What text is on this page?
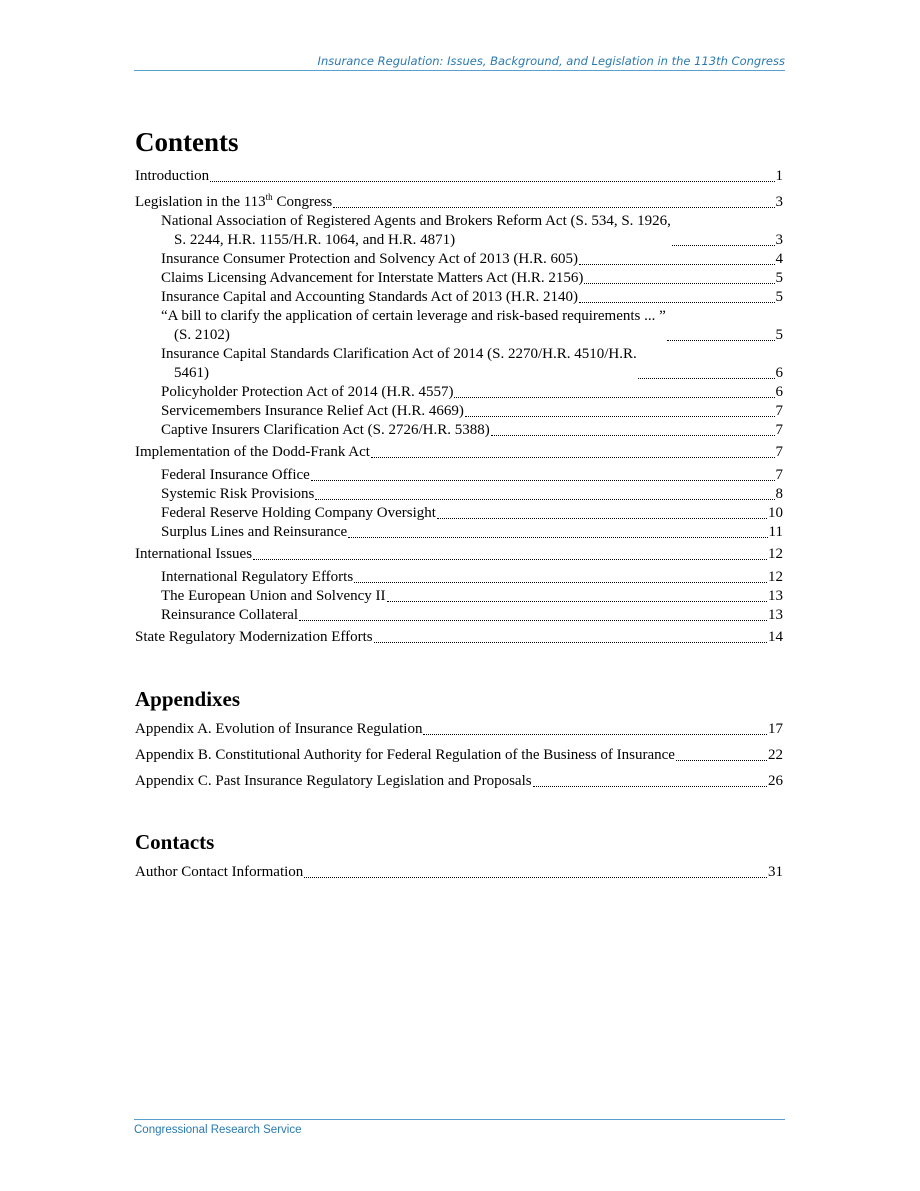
Insurance Regulation: Issues, Background, and Legislation in the 113th Congress
Contents
Introduction	1
Legislation in the 113th Congress	3
National Association of Registered Agents and Brokers Reform Act (S. 534, S. 1926,
S. 2244, H.R. 1155/H.R. 1064, and H.R. 4871)	3
Insurance Consumer Protection and Solvency Act of 2013 (H.R. 605)	4
Claims Licensing Advancement for Interstate Matters Act (H.R. 2156)	5
Insurance Capital and Accounting Standards Act of 2013 (H.R. 2140)	5
“A bill to clarify the application of certain leverage and risk-based requirements ... ”
(S. 2102)	5
Insurance Capital Standards Clarification Act of 2014 (S. 2270/H.R. 4510/H.R.
5461)	6
Policyholder Protection Act of 2014 (H.R. 4557)	6
Servicemembers Insurance Relief Act (H.R. 4669)	7
Captive Insurers Clarification Act (S. 2726/H.R. 5388)	7
Implementation of the Dodd-Frank Act	7
Federal Insurance Office	7
Systemic Risk Provisions	8
Federal Reserve Holding Company Oversight	10
Surplus Lines and Reinsurance	11
International Issues	12
International Regulatory Efforts	12
The European Union and Solvency II	13
Reinsurance Collateral	13
State Regulatory Modernization Efforts	14
Appendixes
Appendix A. Evolution of Insurance Regulation	17
Appendix B. Constitutional Authority for Federal Regulation of the Business of Insurance	22
Appendix C. Past Insurance Regulatory Legislation and Proposals	26
Contacts
Author Contact Information	31
Congressional Research Service
